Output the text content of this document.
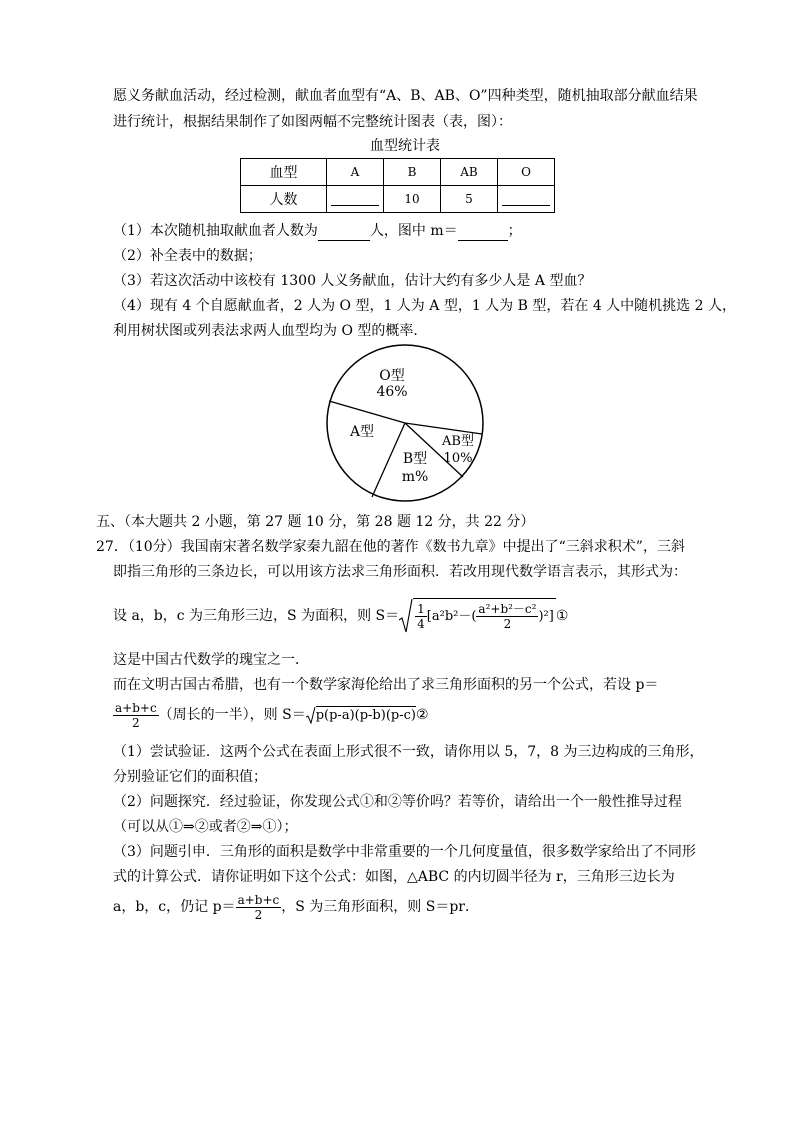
愿义务献血活动，经过检测，献血者血型有“A、B、AB、O”四种类型，随机抽取部分献血结果
进行统计，根据结果制作了如图两幅不完整统计图表（表，图）：
血型统计表
血型	A	B	AB	O
人数		10	5	
（1）本次随机抽取献血者人数为	人，图中 m＝	；
（2）补全表中的数据；
（3）若这次活动中该校有 1300 人义务献血，估计大约有多少人是 A 型血？
（4）现有 4 个自愿献血者，2 人为 O 型，1 人为 A 型，1 人为 B 型，若在 4 人中随机挑选 2 人，
利用树状图或列表法求两人血型均为 O 型的概率．
O型
46%
A型
B型
m%
AB型
10%
五、（本大题共 2 小题，第 27 题 10 分，第 28 题 12 分，共 22 分）
27．（10分）我国南宋著名数学家秦九韶在他的著作《数书九章》中提出了“三斜求积术”，三斜
即指三角形的三条边长，可以用该方法求三角形面积．若改用现代数学语言表示，其形式为：
设 a，b，c 为三角形三边，S 为面积，则 $S= \frac{1}{4} [a^2b^2-( \frac{\text{a²+b²－c²}}{2} )^2]$ ①
这是中国古代数学的瑰宝之一．
而在文明古国古希腊，也有一个数学家海伦给出了求三角形面积的另一个公式，若设 p＝
$\frac{a+b+c}{2}$ （周长的一半），则 S＝ p(p-a)(p-b)(p-c) ②
（1）尝试验证．这两个公式在表面上形式很不一致，请你用以 5，7，8 为三边构成的三角形，
分别验证它们的面积值；
（2）问题探究．经过验证，你发现公式①和②等价吗？若等价，请给出一个一般性推导过程
（可以从①⇒②或者②⇒①）；
（3）问题引申．三角形的面积是数学中非常重要的一个几何度量值，很多数学家给出了不同形
式的计算公式．请你证明如下这个公式：如图，△ABC 的内切圆半径为 r，三角形三边长为
a，b，c，仍记 $p= \frac{a+b+c}{2}$ ，S 为三角形面积，则 S＝pr．
